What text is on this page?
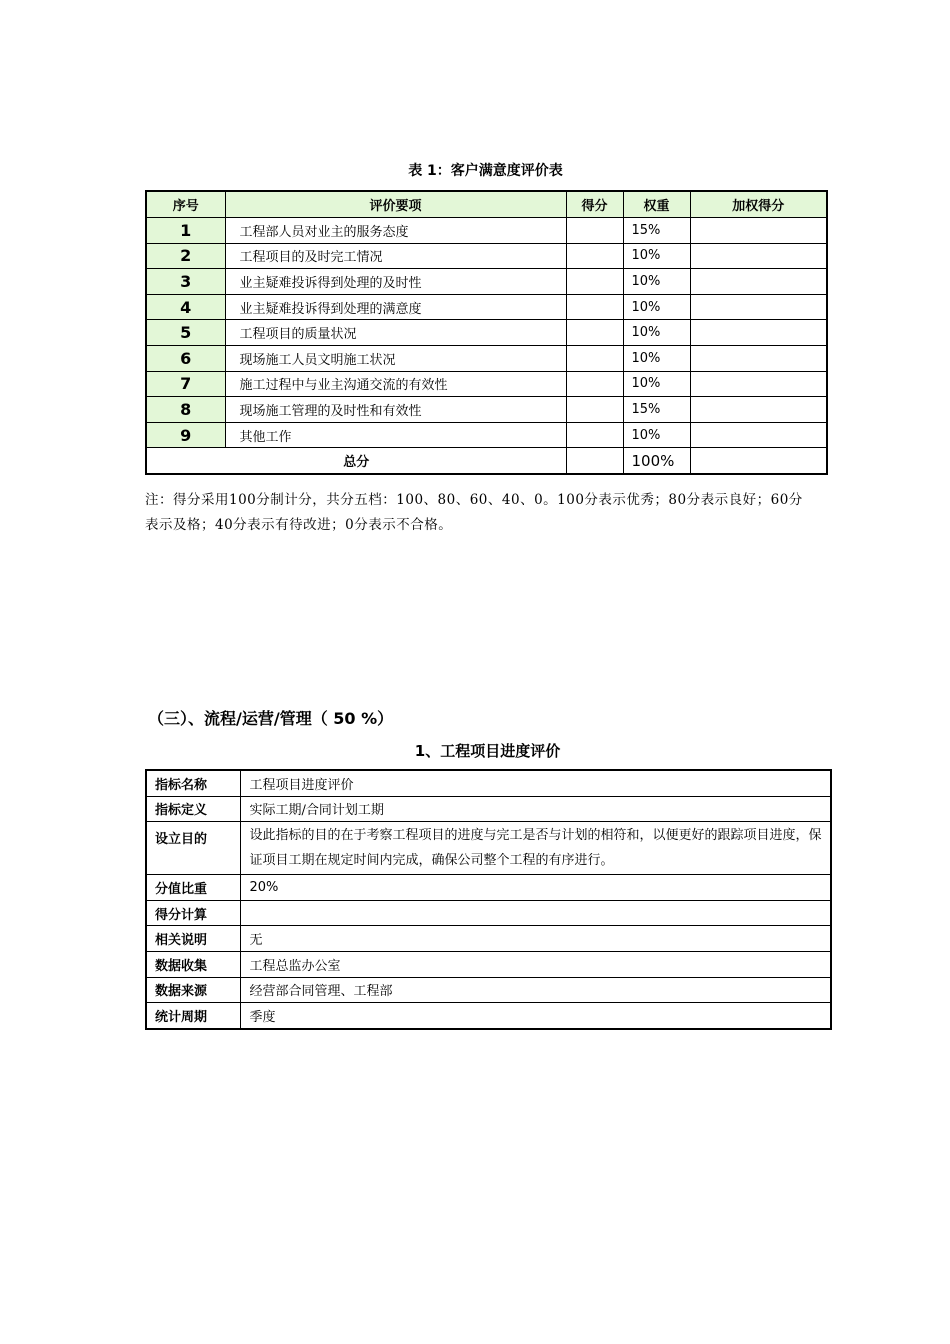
表 1：客户满意度评价表
序号	评价要项	得分	权重	加权得分
1	工程部人员对业主的服务态度		15%	
2	工程项目的及时完工情况		10%	
3	业主疑难投诉得到处理的及时性		10%	
4	业主疑难投诉得到处理的满意度		10%	
5	工程项目的质量状况		10%	
6	现场施工人员文明施工状况		10%	
7	施工过程中与业主沟通交流的有效性		10%	
8	现场施工管理的及时性和有效性		15%	
9	其他工作		10%	
总分			100%	
注：得分采用100分制计分，共分五档：100、80、60、40、0。100分表示优秀；80分表示良好；60分表示及格；40分表示有待改进；0分表示不合格。
（三）、流程/运营/管理（ 50 %）
1、工程项目进度评价
指标名称	工程项目进度评价
指标定义	实际工期/合同计划工期
设立目的	设此指标的目的在于考察工程项目的进度与完工是否与计划的相符和，以便更好的跟踪项目进度，保证项目工期在规定时间内完成，确保公司整个工程的有序进行。
分值比重	20%
得分计算	
相关说明	无
数据收集	工程总监办公室
数据来源	经营部合同管理、工程部
统计周期	季度
